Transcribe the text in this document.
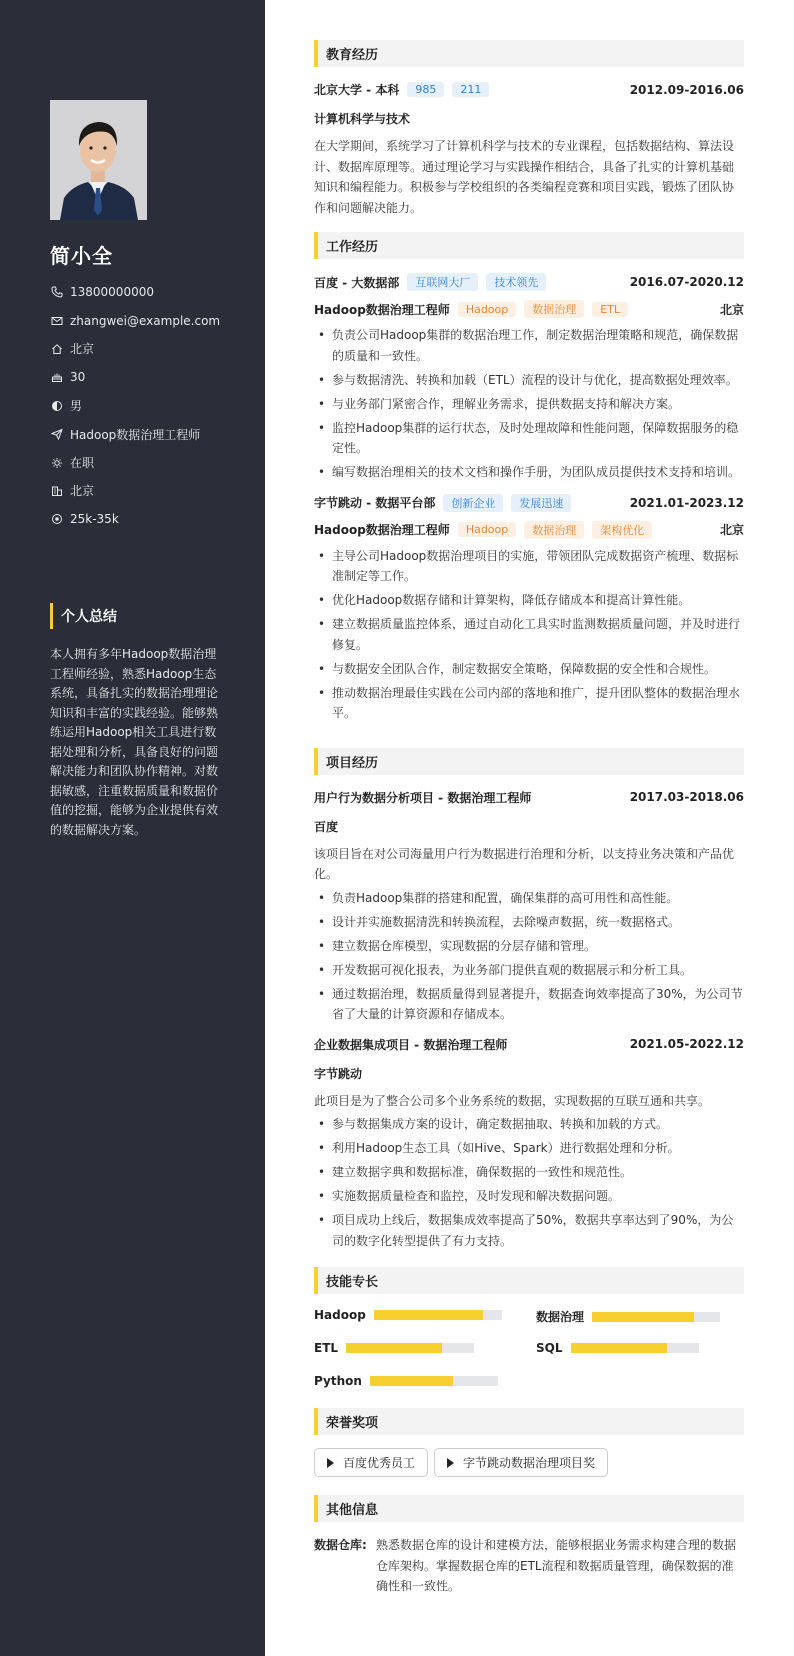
简小全
13800000000
zhangwei@example.com
北京
30
男
Hadoop数据治理工程师
在职
北京
25k-35k
个人总结
本人拥有多年Hadoop数据治理工程师经验，熟悉Hadoop生态系统，具备扎实的数据治理理论知识和丰富的实践经验。能够熟练运用Hadoop相关工具进行数据处理和分析，具备良好的问题解决能力和团队协作精神。对数据敏感，注重数据质量和数据价值的挖掘，能够为企业提供有效的数据解决方案。
教育经历
北京大学 - 本科	985	211	2012.09-2016.06
计算机科学与技术
在大学期间，系统学习了计算机科学与技术的专业课程，包括数据结构、算法设计、数据库原理等。通过理论学习与实践操作相结合，具备了扎实的计算机基础知识和编程能力。积极参与学校组织的各类编程竞赛和项目实践，锻炼了团队协作和问题解决能力。
工作经历
百度 - 大数据部	互联网大厂	技术领先	2016.07-2020.12
Hadoop数据治理工程师	Hadoop	数据治理	ETL	北京
• 负责公司Hadoop集群的数据治理工作，制定数据治理策略和规范，确保数据的质量和一致性。
• 参与数据清洗、转换和加载（ETL）流程的设计与优化，提高数据处理效率。
• 与业务部门紧密合作，理解业务需求，提供数据支持和解决方案。
• 监控Hadoop集群的运行状态，及时处理故障和性能问题，保障数据服务的稳定性。
• 编写数据治理相关的技术文档和操作手册，为团队成员提供技术支持和培训。
字节跳动 - 数据平台部	创新企业	发展迅速	2021.01-2023.12
Hadoop数据治理工程师	Hadoop	数据治理	架构优化	北京
• 主导公司Hadoop数据治理项目的实施，带领团队完成数据资产梳理、数据标准制定等工作。
• 优化Hadoop数据存储和计算架构，降低存储成本和提高计算性能。
• 建立数据质量监控体系，通过自动化工具实时监测数据质量问题，并及时进行修复。
• 与数据安全团队合作，制定数据安全策略，保障数据的安全性和合规性。
• 推动数据治理最佳实践在公司内部的落地和推广，提升团队整体的数据治理水平。
项目经历
用户行为数据分析项目 - 数据治理工程师	2017.03-2018.06
百度
该项目旨在对公司海量用户行为数据进行治理和分析，以支持业务决策和产品优化。
• 负责Hadoop集群的搭建和配置，确保集群的高可用性和高性能。
• 设计并实施数据清洗和转换流程，去除噪声数据，统一数据格式。
• 建立数据仓库模型，实现数据的分层存储和管理。
• 开发数据可视化报表，为业务部门提供直观的数据展示和分析工具。
• 通过数据治理，数据质量得到显著提升，数据查询效率提高了30%，为公司节省了大量的计算资源和存储成本。
企业数据集成项目 - 数据治理工程师	2021.05-2022.12
字节跳动
此项目是为了整合公司多个业务系统的数据，实现数据的互联互通和共享。
• 参与数据集成方案的设计，确定数据抽取、转换和加载的方式。
• 利用Hadoop生态工具（如Hive、Spark）进行数据处理和分析。
• 建立数据字典和数据标准，确保数据的一致性和规范性。
• 实施数据质量检查和监控，及时发现和解决数据问题。
• 项目成功上线后，数据集成效率提高了50%，数据共享率达到了90%，为公司的数字化转型提供了有力支持。
技能专长
Hadoop	数据治理
ETL	SQL
Python
荣誉奖项
百度优秀员工	字节跳动数据治理项目奖
其他信息
数据仓库: 熟悉数据仓库的设计和建模方法，能够根据业务需求构建合理的数据仓库架构。掌握数据仓库的ETL流程和数据质量管理，确保数据的准确性和一致性。
